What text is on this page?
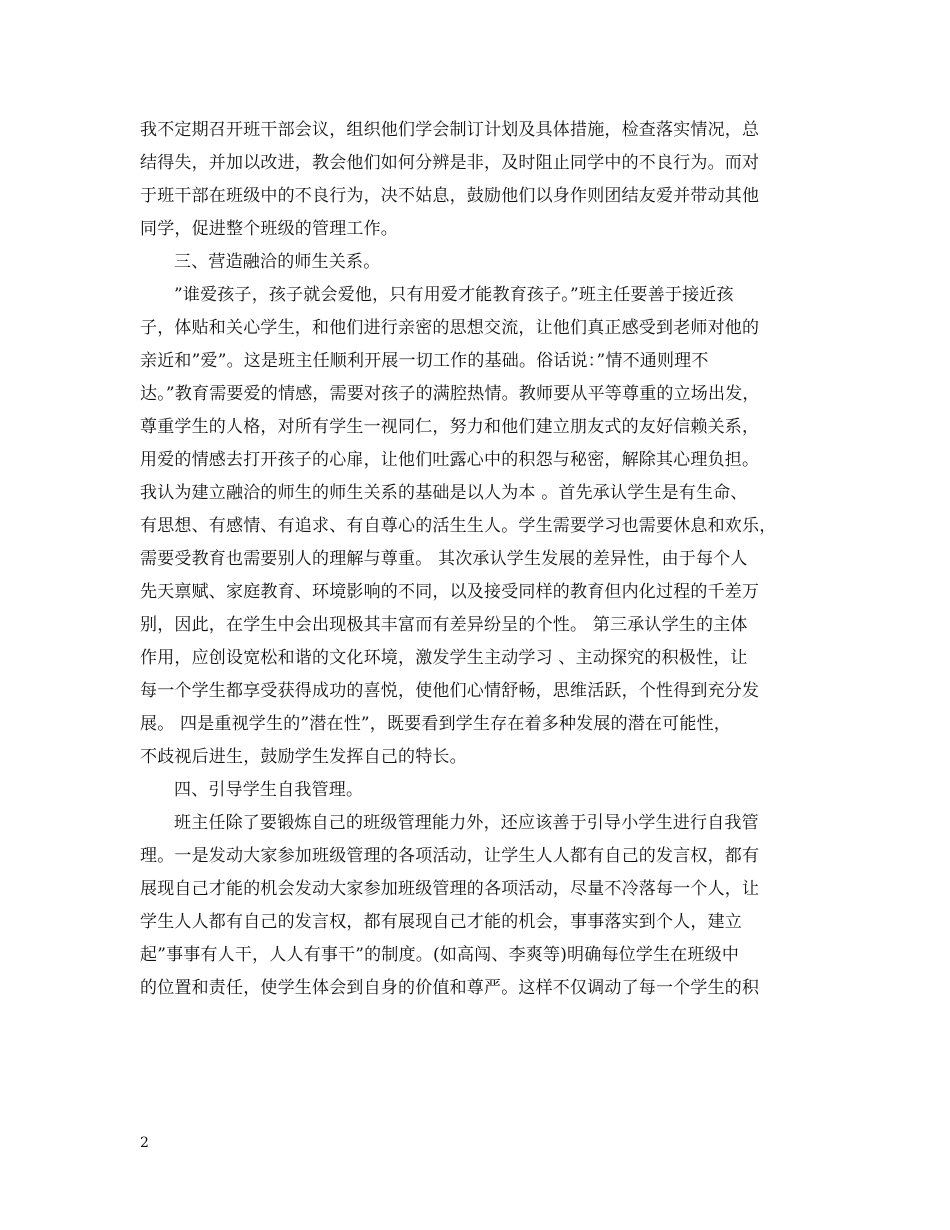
我不定期召开班干部会议，组织他们学会制订计划及具体措施，检查落实情况，总
结得失，并加以改进，教会他们如何分辨是非，及时阻止同学中的不良行为。而对
于班干部在班级中的不良行为，决不姑息，鼓励他们以身作则团结友爱并带动其他
同学，促进整个班级的管理工作。
三、营造融洽的师生关系。
”谁爱孩子，孩子就会爱他，只有用爱才能教育孩子。”班主任要善于接近孩
子，体贴和关心学生，和他们进行亲密的思想交流，让他们真正感受到老师对他的
亲近和”爱”。这是班主任顺利开展一切工作的基础。俗话说：”情不通则理不
达。”教育需要爱的情感，需要对孩子的满腔热情。教师要从平等尊重的立场出发，
尊重学生的人格，对所有学生一视同仁，努力和他们建立朋友式的友好信赖关系，
用爱的情感去打开孩子的心扉，让他们吐露心中的积怨与秘密，解除其心理负担。
我认为建立融洽的师生的师生关系的基础是以人为本 。首先承认学生是有生命、
有思想、有感情、有追求、有自尊心的活生生人。学生需要学习也需要休息和欢乐，
需要受教育也需要别人的理解与尊重。 其次承认学生发展的差异性，由于每个人
先天禀赋、家庭教育、环境影响的不同，以及接受同样的教育但内化过程的千差万
别，因此，在学生中会出现极其丰富而有差异纷呈的个性。 第三承认学生的主体
作用，应创设宽松和谐的文化环境，激发学生主动学习 、主动探究的积极性，让
每一个学生都享受获得成功的喜悦，使他们心情舒畅，思维活跃，个性得到充分发
展。 四是重视学生的”潜在性”，既要看到学生存在着多种发展的潜在可能性，
不歧视后进生，鼓励学生发挥自己的特长。
四、引导学生自我管理。
班主任除了要锻炼自己的班级管理能力外，还应该善于引导小学生进行自我管
理。一是发动大家参加班级管理的各项活动，让学生人人都有自己的发言权，都有
展现自己才能的机会发动大家参加班级管理的各项活动，尽量不冷落每一个人，让
学生人人都有自己的发言权，都有展现自己才能的机会，事事落实到个人，建立
起”事事有人干，人人有事干”的制度。(如高闯、李爽等)明确每位学生在班级中
的位置和责任，使学生体会到自身的价值和尊严。这样不仅调动了每一个学生的积
2
